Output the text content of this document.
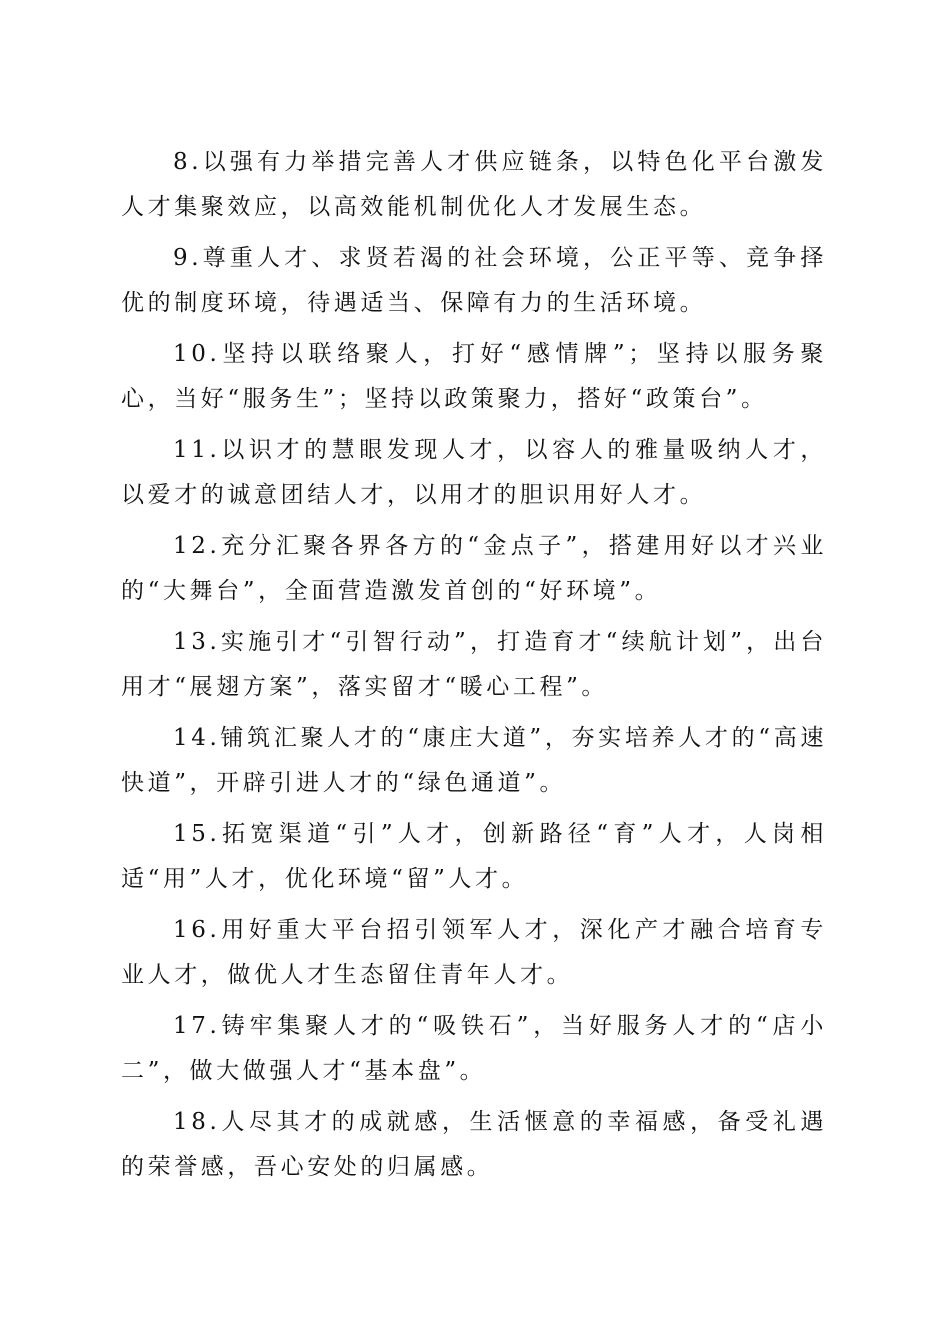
8.以强有力举措完善人才供应链条，以特色化平台激发人才集聚效应，以高效能机制优化人才发展生态。

9.尊重人才、求贤若渴的社会环境，公正平等、竞争择优的制度环境，待遇适当、保障有力的生活环境。

10.坚持以联络聚人，打好“感情牌”；坚持以服务聚心，当好“服务生”；坚持以政策聚力，搭好“政策台”。

11.以识才的慧眼发现人才，以容人的雅量吸纳人才，以爱才的诚意团结人才，以用才的胆识用好人才。

12.充分汇聚各界各方的“金点子”，搭建用好以才兴业的“大舞台”，全面营造激发首创的“好环境”。

13.实施引才“引智行动”，打造育才“续航计划”，出台用才“展翅方案”，落实留才“暖心工程”。

14.铺筑汇聚人才的“康庄大道”，夯实培养人才的“高速快道”，开辟引进人才的“绿色通道”。

15.拓宽渠道“引”人才，创新路径“育”人才，人岗相适“用”人才，优化环境“留”人才。

16.用好重大平台招引领军人才，深化产才融合培育专业人才，做优人才生态留住青年人才。

17.铸牢集聚人才的“吸铁石”，当好服务人才的“店小二”，做大做强人才“基本盘”。

18.人尽其才的成就感，生活惬意的幸福感，备受礼遇的荣誉感，吾心安处的归属感。
